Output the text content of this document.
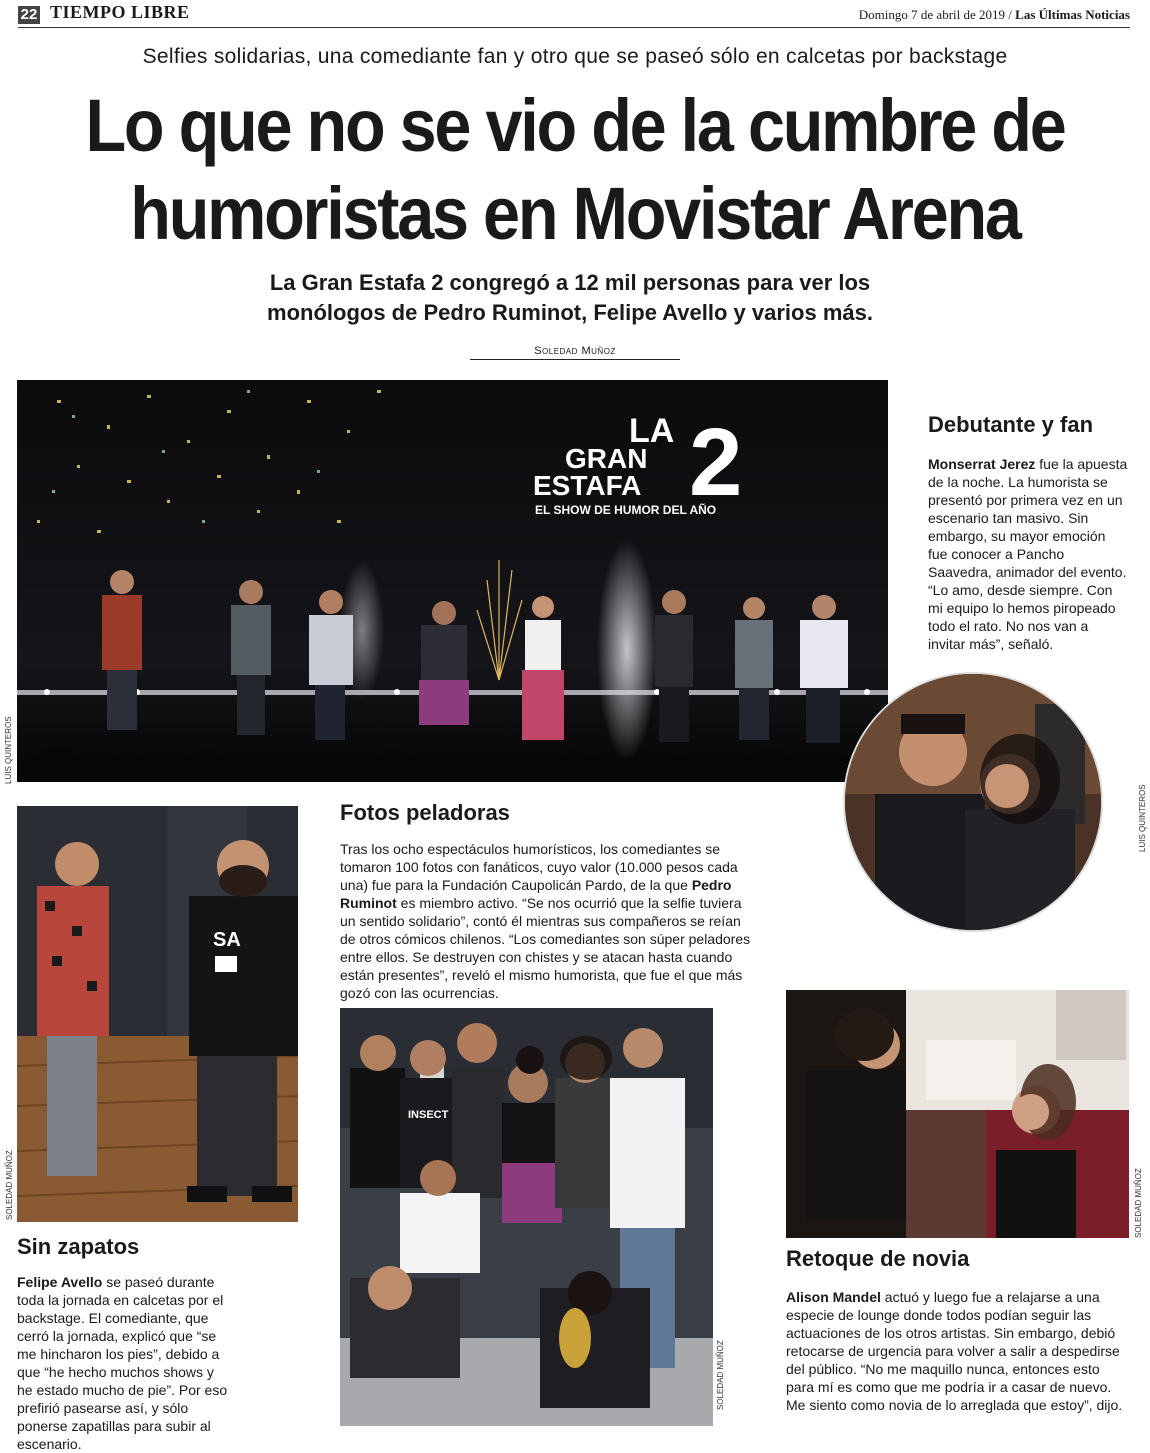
22 TIEMPO LIBRE	Domingo 7 de abril de 2019 / Las Últimas Noticias
Selfies solidarias, una comediante fan y otro que se paseó sólo en calcetas por backstage
Lo que no se vio de la cumbre de
humoristas en Movistar Arena
La Gran Estafa 2 congregó a 12 mil personas para ver los
monólogos de Pedro Ruminot, Felipe Avello y varios más.
Soledad Muñoz
LA
GRAN
ESTAFA 2
EL SHOW DE HUMOR DEL AÑO
LUIS QUINTEROS
Debutante y fan
Monserrat Jerez fue la apuesta de la noche. La humorista se presentó por primera vez en un escenario tan masivo. Sin embargo, su mayor emoción fue conocer a Pancho Saavedra, animador del evento. “Lo amo, desde siempre. Con mi equipo lo hemos piropeado todo el rato. No nos van a invitar más”, señaló.
LUIS QUINTEROS
SA
SOLEDAD MUÑOZ
Sin zapatos
Felipe Avello se paseó durante toda la jornada en calcetas por el backstage. El comediante, que cerró la jornada, explicó que “se me hincharon los pies”, debido a que “he hecho muchos shows y he estado mucho de pie”. Por eso prefirió pasearse así, y sólo ponerse zapatillas para subir al escenario.
Fotos peladoras
Tras los ocho espectáculos humorísticos, los comediantes se tomaron 100 fotos con fanáticos, cuyo valor (10.000 pesos cada una) fue para la Fundación Caupolicán Pardo, de la que Pedro Ruminot es miembro activo. “Se nos ocurrió que la selfie tuviera un sentido solidario”, contó él mientras sus compañeros se reían de otros cómicos chilenos. “Los comediantes son súper peladores entre ellos. Se destruyen con chistes y se atacan hasta cuando están presentes”, reveló el mismo humorista, que fue el que más gozó con las ocurrencias.
INSECT
SOLEDAD MUÑOZ
SOLEDAD MUÑOZ
Retoque de novia
Alison Mandel actuó y luego fue a relajarse a una especie de lounge donde todos podían seguir las actuaciones de los otros artistas. Sin embargo, debió retocarse de urgencia para volver a salir a despedirse del público. “No me maquillo nunca, entonces esto para mí es como que me podría ir a casar de nuevo. Me siento como novia de lo arreglada que estoy”, dijo.
